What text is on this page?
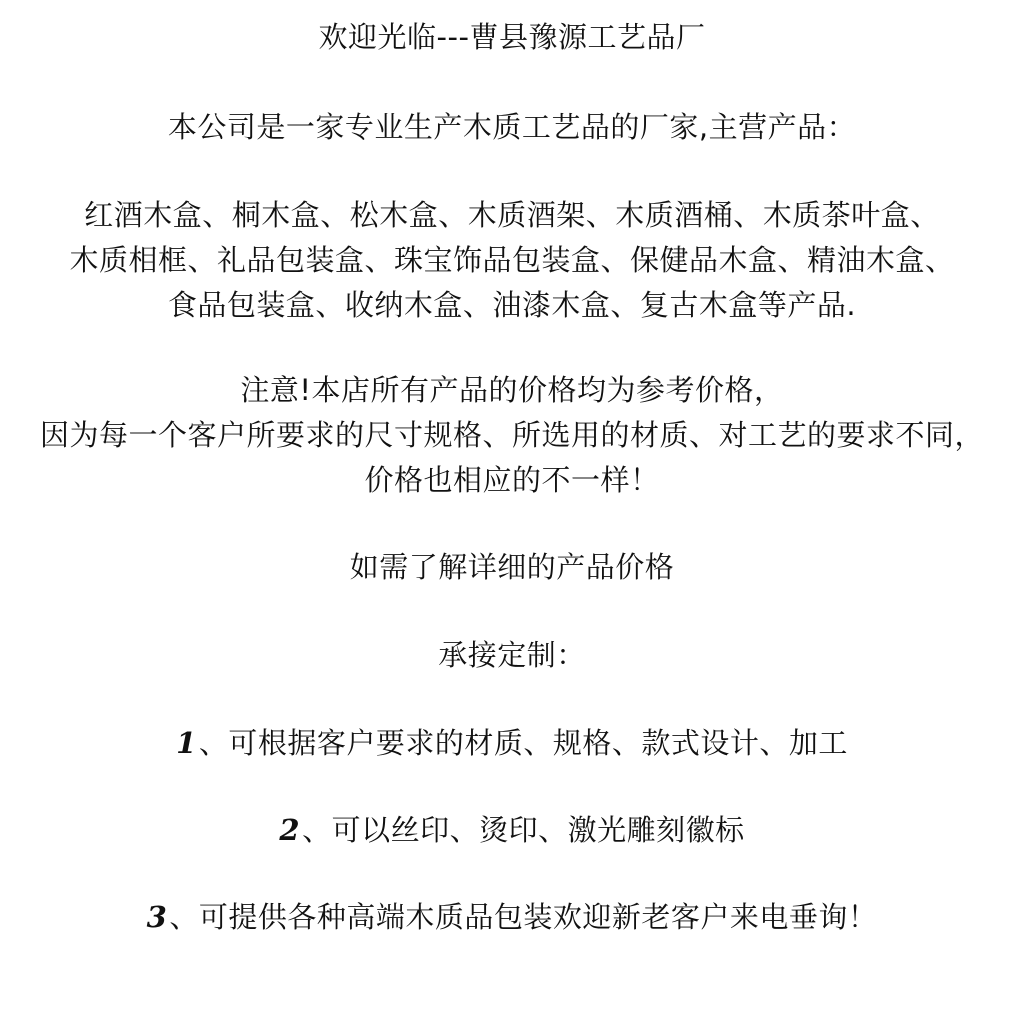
欢迎光临---曹县豫源工艺品厂
本公司是一家专业生产木质工艺品的厂家,主营产品：
红酒木盒、桐木盒、松木盒、木质酒架、木质酒桶、木质茶叶盒、
木质相框、礼品包装盒、珠宝饰品包装盒、保健品木盒、精油木盒、
食品包装盒、收纳木盒、油漆木盒、复古木盒等产品.
注意!本店所有产品的价格均为参考价格，
因为每一个客户所要求的尺寸规格、所选用的材质、对工艺的要求不同，
价格也相应的不一样！
如需了解详细的产品价格
承接定制：
1、可根据客户要求的材质、规格、款式设计、加工
2、可以丝印、烫印、激光雕刻徽标
3、可提供各种高端木质品包装欢迎新老客户来电垂询！
